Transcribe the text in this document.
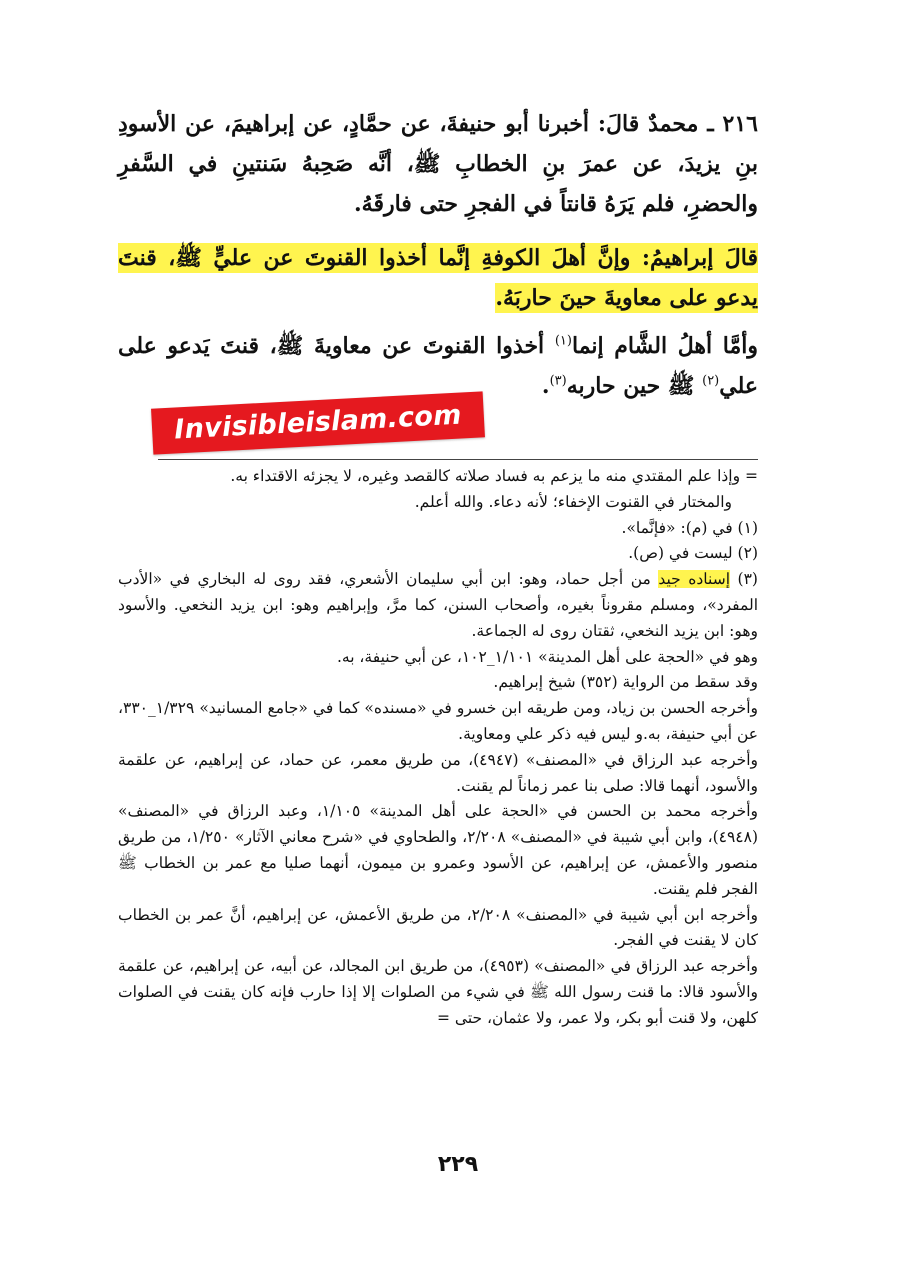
٢١٦ ـ محمدٌ قالَ: أخبرنا أبو حنيفةَ، عن حمَّادٍ، عن إبراهيمَ، عن الأسودِ بنِ يزيدَ، عن عمرَ بنِ الخطابِ ﷺ، أنَّه صَحِبهُ سَنتينِ في السَّفرِ والحضرِ، فلم يَرَهُ قانتاً في الفجرِ حتى فارقَهُ.

قالَ إبراهيمُ: وإنَّ أهلَ الكوفةِ إنَّما أخذوا القنوتَ عن عليٍّ ﷺ، قنتَ يدعو على معاويةَ حينَ حاربَهُ.

وأمَّا أهلُ الشَّام إنما$^{(١)}$ أخذوا القنوتَ عن معاويةَ ﷺ، قنتَ يَدعو على علي$^{(٢)}$ ﷺ حين حاربه$^{(٣)}$.

Invisibleislam.com

= وإذا علم المقتدي منه ما يزعم به فساد صلاته كالقصد وغيره، لا يجزئه الاقتداء به.

والمختار في القنوت الإخفاء؛ لأنه دعاء. والله أعلم.

(١) في (م): «فإنَّما».

(٢) ليست في (ص).

(٣) إسناده جيد من أجل حماد، وهو: ابن أبي سليمان الأشعري، فقد روى له البخاري في «الأدب المفرد»، ومسلم مقروناً بغيره، وأصحاب السنن، كما مرَّ، وإبراهيم وهو: ابن يزيد النخعي. والأسود وهو: ابن يزيد النخعي، ثقتان روى له الجماعة.

وهو في «الحجة على أهل المدينة» ١/١٠١_١٠٢، عن أبي حنيفة، به.

وقد سقط من الرواية (٣٥٢) شيخ إبراهيم.

وأخرجه الحسن بن زياد، ومن طريقه ابن خسرو في «مسنده» كما في «جامع المسانيد» ١/٣٢٩_٣٣٠، عن أبي حنيفة، به.و ليس فيه ذكر علي ومعاوية.

وأخرجه عبد الرزاق في «المصنف» (٤٩٤٧)، من طريق معمر، عن حماد، عن إبراهيم، عن علقمة والأسود، أنهما قالا: صلى بنا عمر زماناً لم يقنت.

وأخرجه محمد بن الحسن في «الحجة على أهل المدينة» ١/١٠٥، وعبد الرزاق في «المصنف» (٤٩٤٨)، وابن أبي شيبة في «المصنف» ٢/٢٠٨، والطحاوي في «شرح معاني الآثار» ١/٢٥٠، من طريق منصور والأعمش، عن إبراهيم، عن الأسود وعمرو بن ميمون، أنهما صليا مع عمر بن الخطاب ﷺ الفجر فلم يقنت.

وأخرجه ابن أبي شيبة في «المصنف» ٢/٢٠٨، من طريق الأعمش، عن إبراهيم، أنَّ عمر بن الخطاب كان لا يقنت في الفجر.

وأخرجه عبد الرزاق في «المصنف» (٤٩٥٣)، من طريق ابن المجالد، عن أبيه، عن إبراهيم، عن علقمة والأسود قالا: ما قنت رسول الله ﷺ في شيء من الصلوات إلا إذا حارب فإنه كان يقنت في الصلوات كلهن، ولا قنت أبو بكر، ولا عمر، ولا عثمان، حتى =

٢٢٩
